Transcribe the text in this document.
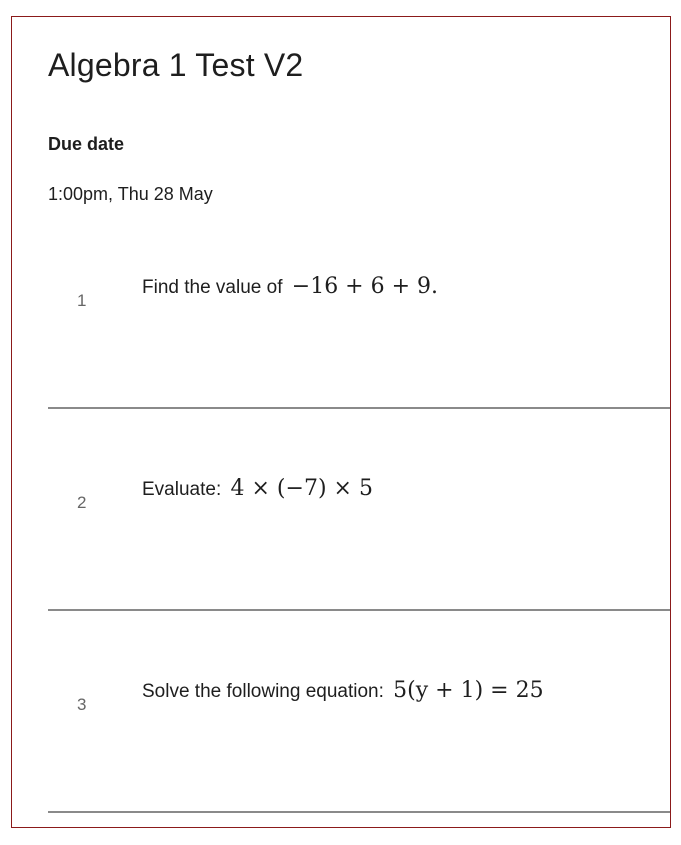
Algebra 1 Test V2
Due date
1:00pm, Thu 28 May
1
Find the value of −16 + 6 + 9.
2
Evaluate: 4 × (−7) × 5
3
Solve the following equation: 5(y + 1) = 25
